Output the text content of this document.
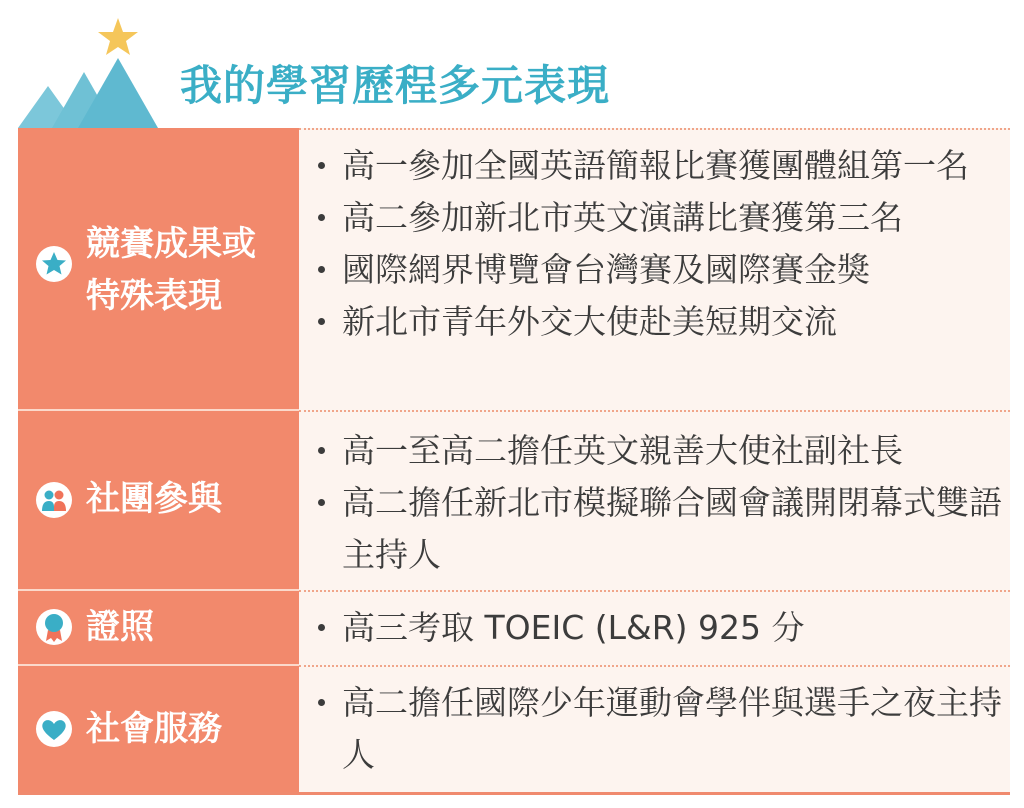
我的學習歷程多元表現
競賽成果或
特殊表現
高一參加全國英語簡報比賽獲團體組第一名
高二參加新北市英文演講比賽獲第三名
國際網界博覽會台灣賽及國際賽金獎
新北市青年外交大使赴美短期交流
社團參與
高一至高二擔任英文親善大使社副社長
高二擔任新北市模擬聯合國會議開閉幕式雙語主持人
證照	高三考取 TOEIC (L&R) 925 分
社會服務
高二擔任國際少年運動會學伴與選手之夜主持人
